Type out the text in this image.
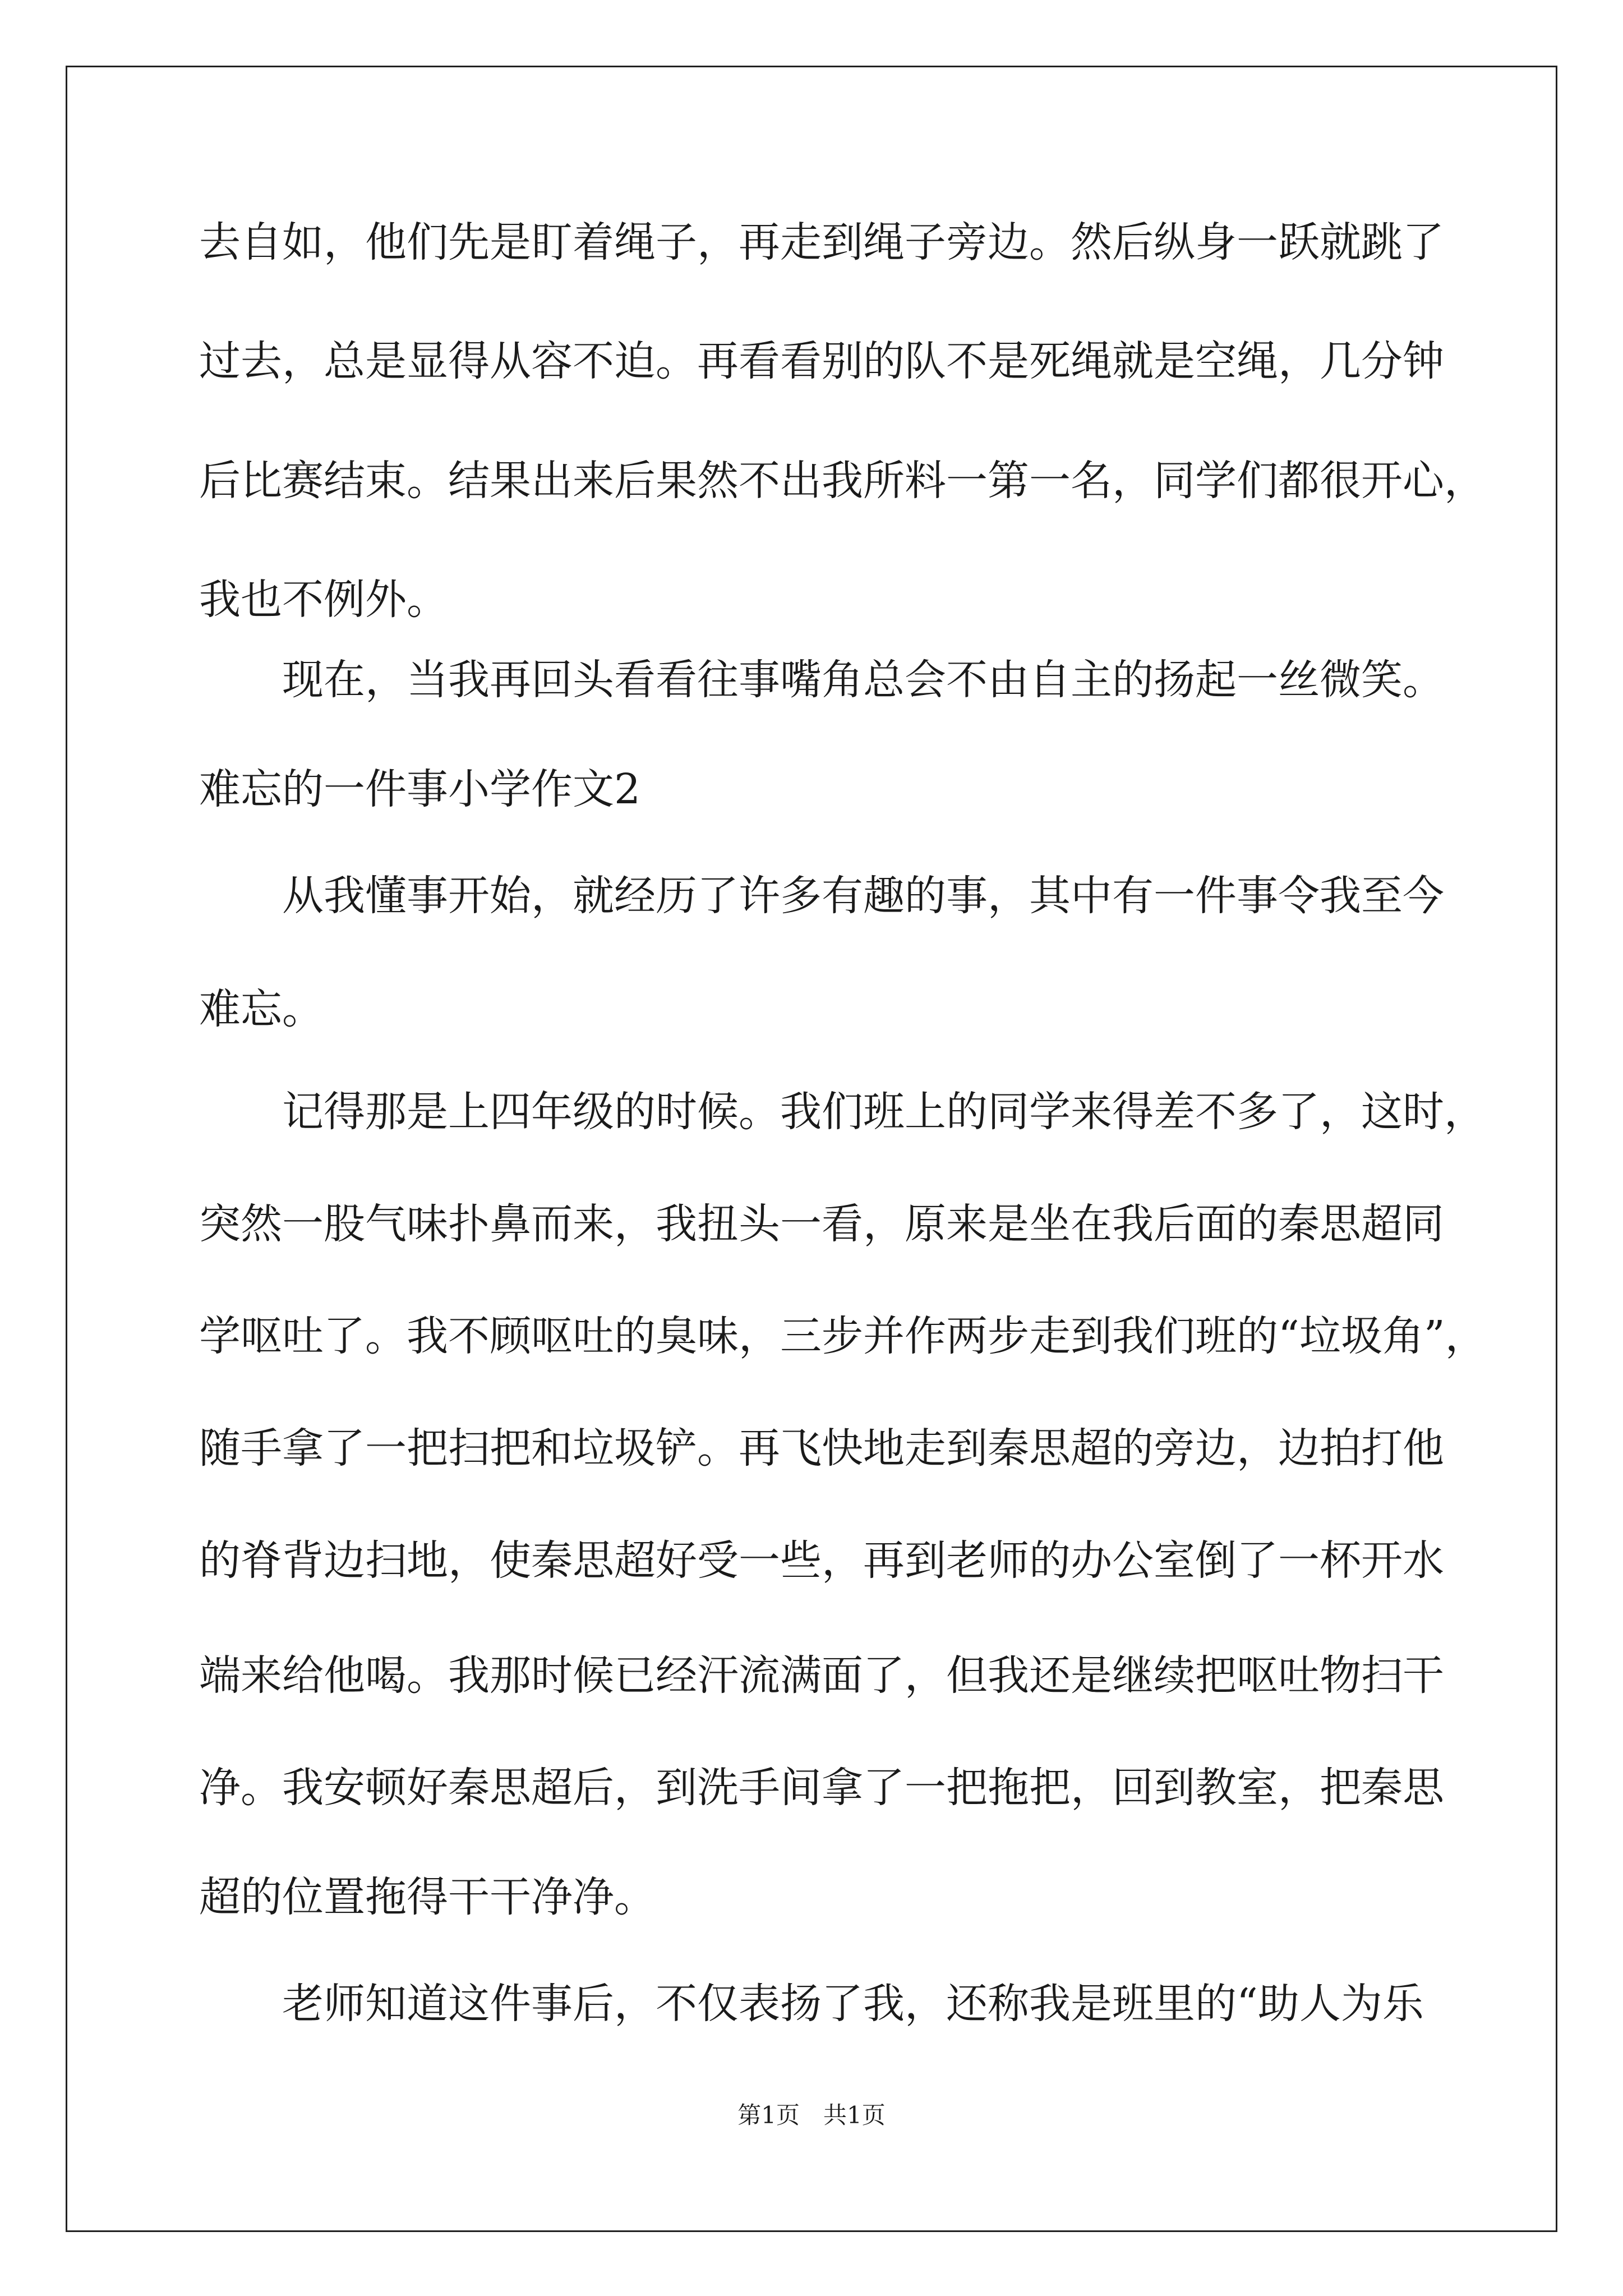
去自如，他们先是盯着绳子，再走到绳子旁边。然后纵身一跃就跳了
过去，总是显得从容不迫。再看看别的队不是死绳就是空绳，几分钟
后比赛结束。结果出来后果然不出我所料一第一名，同学们都很开心，
我也不例外。
　　现在，当我再回头看看往事嘴角总会不由自主的扬起一丝微笑。
难忘的一件事小学作文2
　　从我懂事开始，就经历了许多有趣的事，其中有一件事令我至今
难忘。
　　记得那是上四年级的时候。我们班上的同学来得差不多了，这时，
突然一股气味扑鼻而来，我扭头一看，原来是坐在我后面的秦思超同
学呕吐了。我不顾呕吐的臭味，三步并作两步走到我们班的“垃圾角”，
随手拿了一把扫把和垃圾铲。再飞快地走到秦思超的旁边，边拍打他
的脊背边扫地，使秦思超好受一些，再到老师的办公室倒了一杯开水
端来给他喝。我那时候已经汗流满面了，但我还是继续把呕吐物扫干
净。我安顿好秦思超后，到洗手间拿了一把拖把，回到教室，把秦思
超的位置拖得干干净净。
　　老师知道这件事后，不仅表扬了我，还称我是班里的“助人为乐
第1页　共1页
